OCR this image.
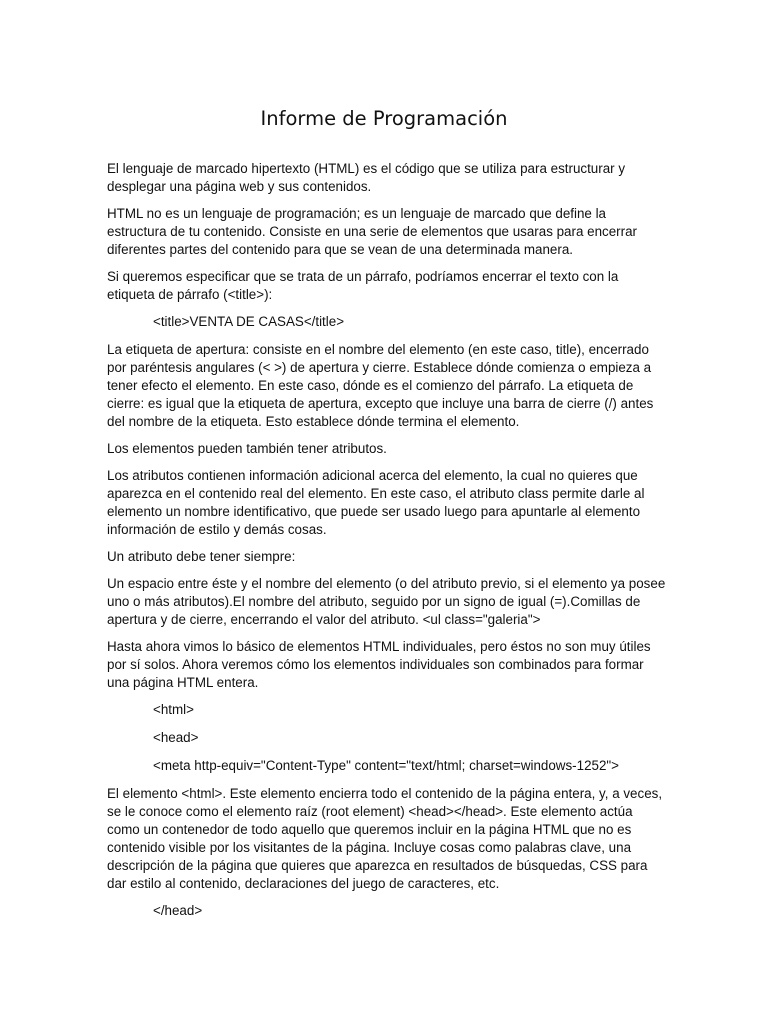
Informe de Programación

El lenguaje de marcado hipertexto (HTML) es el código que se utiliza para estructurar y desplegar una página web y sus contenidos.

HTML no es un lenguaje de programación; es un lenguaje de marcado que define la estructura de tu contenido. Consiste en una serie de elementos que usaras para encerrar diferentes partes del contenido para que se vean de una determinada manera.

Si queremos especificar que se trata de un párrafo, podríamos encerrar el texto con la etiqueta de párrafo (<title>):

<title>VENTA DE CASAS</title>

La etiqueta de apertura: consiste en el nombre del elemento (en este caso, title), encerrado por paréntesis angulares (< >) de apertura y cierre. Establece dónde comienza o empieza a tener efecto el elemento. En este caso, dónde es el comienzo del párrafo. La etiqueta de cierre: es igual que la etiqueta de apertura, excepto que incluye una barra de cierre (/) antes del nombre de la etiqueta. Esto establece dónde termina el elemento.

Los elementos pueden también tener atributos.

Los atributos contienen información adicional acerca del elemento, la cual no quieres que aparezca en el contenido real del elemento. En este caso, el atributo class permite darle al elemento un nombre identificativo, que puede ser usado luego para apuntarle al elemento información de estilo y demás cosas.

Un atributo debe tener siempre:

Un espacio entre éste y el nombre del elemento (o del atributo previo, si el elemento ya posee uno o más atributos).El nombre del atributo, seguido por un signo de igual (=).Comillas de apertura y de cierre, encerrando el valor del atributo. <ul class="galeria">

Hasta ahora vimos lo básico de elementos HTML individuales, pero éstos no son muy útiles por sí solos. Ahora veremos cómo los elementos individuales son combinados para formar una página HTML entera.

<html>

<head>

<meta http-equiv="Content-Type" content="text/html; charset=windows-1252">

El elemento <html>. Este elemento encierra todo el contenido de la página entera, y, a veces, se le conoce como el elemento raíz (root element) <head></head>. Este elemento actúa como un contenedor de todo aquello que queremos incluir en la página HTML que no es contenido visible por los visitantes de la página. Incluye cosas como palabras clave, una descripción de la página que quieres que aparezca en resultados de búsquedas, CSS para dar estilo al contenido, declaraciones del juego de caracteres, etc.

</head>
